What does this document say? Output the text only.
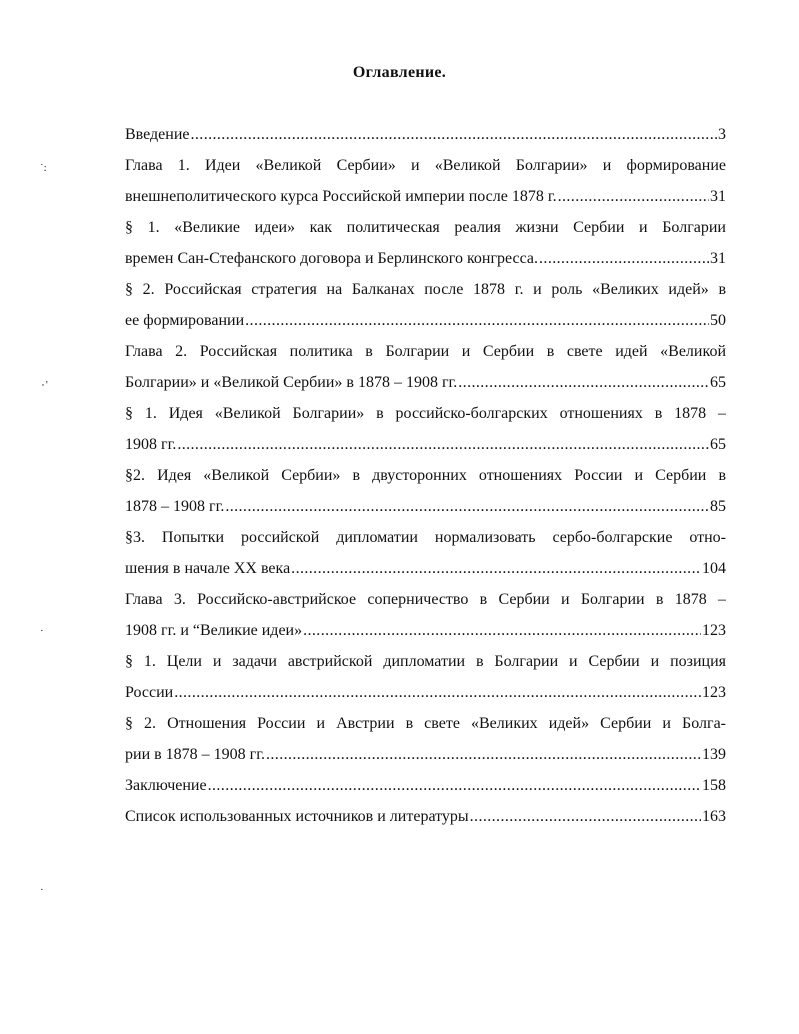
Оглавление.
˙:
٠'
·
·
Введение .....	3
Глава 1. Идеи «Великой Сербии» и «Великой Болгарии» и формирование
внешнеполитического курса Российской империи после 1878 г. .....	31
§ 1. «Великие идеи» как политическая реалия жизни Сербии и Болгарии
времен Сан-Стефанского договора и Берлинского конгресса. .....	31
§ 2. Российская стратегия на Балканах после 1878 г. и роль «Великих идей» в
ее формировании .....	50
Глава 2. Российская политика в Болгарии и Сербии в свете идей «Великой
Болгарии» и «Великой Сербии» в 1878 – 1908 гг. .....	65
§ 1. Идея «Великой Болгарии» в российско-болгарских отношениях в 1878 –
1908 гг. .....	65
§2. Идея «Великой Сербии» в двусторонних отношениях России и Сербии в
1878 – 1908 гг. .....	85
§3. Попытки российской дипломатии нормализовать сербо-болгарские отно-
шения в начале XX века .....	104
Глава 3. Российско-австрийское соперничество в Сербии и Болгарии в 1878 –
1908 гг. и “Великие идеи» .....	123
§ 1. Цели и задачи австрийской дипломатии в Болгарии и Сербии и позиция
России .....	123
§ 2. Отношения России и Австрии в свете «Великих идей» Сербии и Болга-
рии в 1878 – 1908 гг. .....	139
Заключение .....	158
Список использованных источников и литературы .....	163
